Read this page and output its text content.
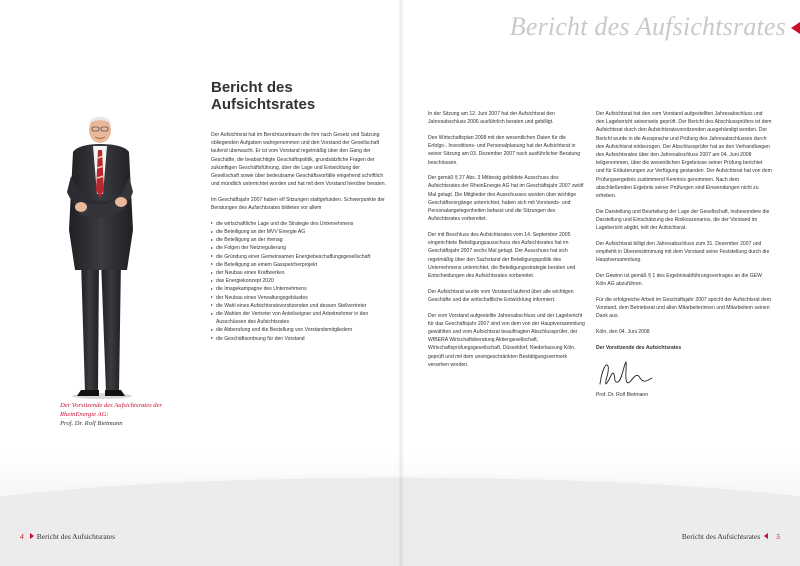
Bericht des Aufsichtsrates
Der Vorsitzende des Aufsichtsrates der RheinEnergie AG:
Prof. Dr. Rolf Bietmann
Bericht des Aufsichtsrates

Der Aufsichtsrat hat im Berichtszeitraum die ihm nach Gesetz und Satzung obliegenden Aufgaben wahrgenommen und den Vorstand der Gesellschaft laufend überwacht. Er ist vom Vorstand regelmäßig über den Gang der Geschäfte, die beabsichtigte Geschäftspolitik, grundsätzliche Fragen der zukünftigen Geschäftsführung, über die Lage und Entwicklung der Gesellschaft sowie über bedeutsame Geschäftsvorfälle eingehend schriftlich und mündlich unterrichtet worden und hat mit dem Vorstand hierüber beraten.

Im Geschäftsjahr 2007 haben elf Sitzungen stattgefunden. Schwerpunkte der Beratungen des Aufsichtsrates bildeten vor allem

die wirtschaftliche Lage und die Strategie des Unternehmens
die Beteiligung an der MVV Energie AG
die Beteiligung an der rhenag
die Folgen der Netzregulierung
die Gründung einer Gemeinsamen Energiebeschaffungsgesellschaft
die Beteiligung an einem Gasspeicherprojekt
der Neubau eines Kraftwerkes
das Energiekonzept 2020
die Imagekampagne des Unternehmens
der Neubau eines Verwaltungsgebäudes
die Wahl eines Aufsichtsratsvorsitzenden und dessen Stellvertreter
die Wahlen der Vertreter von Anteilseigner und Arbeitnehmer in den Ausschüssen des Aufsichtsrates
die Abberufung und die Bestellung von Vorstandsmitgliedern
die Geschäftsordnung für den Vorstand

In der Sitzung am 12. Juni 2007 hat der Aufsichtsrat den Jahresabschluss 2006 ausführlich beraten und gebilligt.

Den Wirtschaftsplan 2008 mit den wesentlichen Daten für die Erfolgs-, Investitions- und Personalplanung hat der Aufsichtsrat in seiner Sitzung am 03. Dezember 2007 nach ausführlicher Beratung beschlossen.

Der gemäß § 27 Abs. 3 Mitbestg gebildete Ausschuss des Aufsichtsrates der RheinEnergie AG hat im Geschäftsjahr 2007 zwölf Mal getagt. Die Mitglieder des Ausschusses wurden über wichtige Geschäftsvorgänge unterrichtet, haben sich mit Vorstands- und Personalangelegenheiten befasst und die Sitzungen des Aufsichtsrates vorbereitet.

Der mit Beschluss des Aufsichtsrates vom 14. September 2005 eingerichtete Beteiligungsausschuss des Aufsichtsrates hat im Geschäftsjahr 2007 sechs Mal getagt. Der Ausschuss hat sich regelmäßig über den Sachstand der Beteiligungspolitik des Unternehmens unterrichtet, die Beteiligungsstrategie beraten und Entscheidungen des Aufsichtsrates vorbereitet.

Der Aufsichtsrat wurde vom Vorstand laufend über alle wichtigen Geschäfte und die wirtschaftliche Entwicklung informiert.

Der vom Vorstand aufgestellte Jahresabschluss und der Lagebericht für das Geschäftsjahr 2007 sind von dem von der Hauptversammlung gewählten und vom Aufsichtsrat beauftragten Abschlussprüfer, der WIBERA Wirtschaftsberatung Aktiengesellschaft, Wirtschaftsprüfungsgesellschaft, Düsseldorf, Niederlassung Köln, geprüft und mit dem uneingeschränkten Bestätigungsvermerk versehen worden.

Der Aufsichtsrat hat den vom Vorstand aufgestellten Jahresabschluss und den Lagebericht seinerseits geprüft. Der Bericht des Abschlussprüfers ist dem Aufsichtsrat durch den Aufsichtsratsvorsitzenden ausgehändigt worden. Der Bericht wurde in die Aussprache und Prüfung des Jahresabschlusses durch den Aufsichtsrat einbezogen. Der Abschlussprüfer hat an den Verhandlungen des Aufsichtsrates über den Jahresabschluss 2007 am 04. Juni 2008 teilgenommen, über die wesentlichen Ergebnisse seiner Prüfung berichtet und für Erläuterungen zur Verfügung gestanden. Der Aufsichtsrat hat von dem Prüfungsergebnis zustimmend Kenntnis genommen. Nach dem abschließenden Ergebnis seiner Prüfungen sind Einwendungen nicht zu erheben.

Die Darstellung und Beurteilung der Lage der Gesellschaft, insbesondere die Darstellung und Einschätzung des Risikoszenarios, die der Vorstand im Lagebericht abgibt, teilt der Aufsichtsrat.

Der Aufsichtsrat billigt den Jahresabschluss zum 31. Dezember 2007 und empfiehlt in Übereinstimmung mit dem Vorstand seine Feststellung durch die Hauptversammlung.

Der Gewinn ist gemäß § 1 des Ergebnisabführungsvertrages an die GEW Köln AG abzuführen.

Für die erfolgreiche Arbeit im Geschäftsjahr 2007 spricht der Aufsichtsrat dem Vorstand, dem Betriebsrat und allen Mitarbeiterinnen und Mitarbeitern seinen Dank aus.

Köln, den 04. Juni 2008

Der Vorsitzende des Aufsichtsrates
Prof. Dr. Rolf Bietmann
4 Bericht des Aufsichtsrates	Bericht des Aufsichtsrates 5
